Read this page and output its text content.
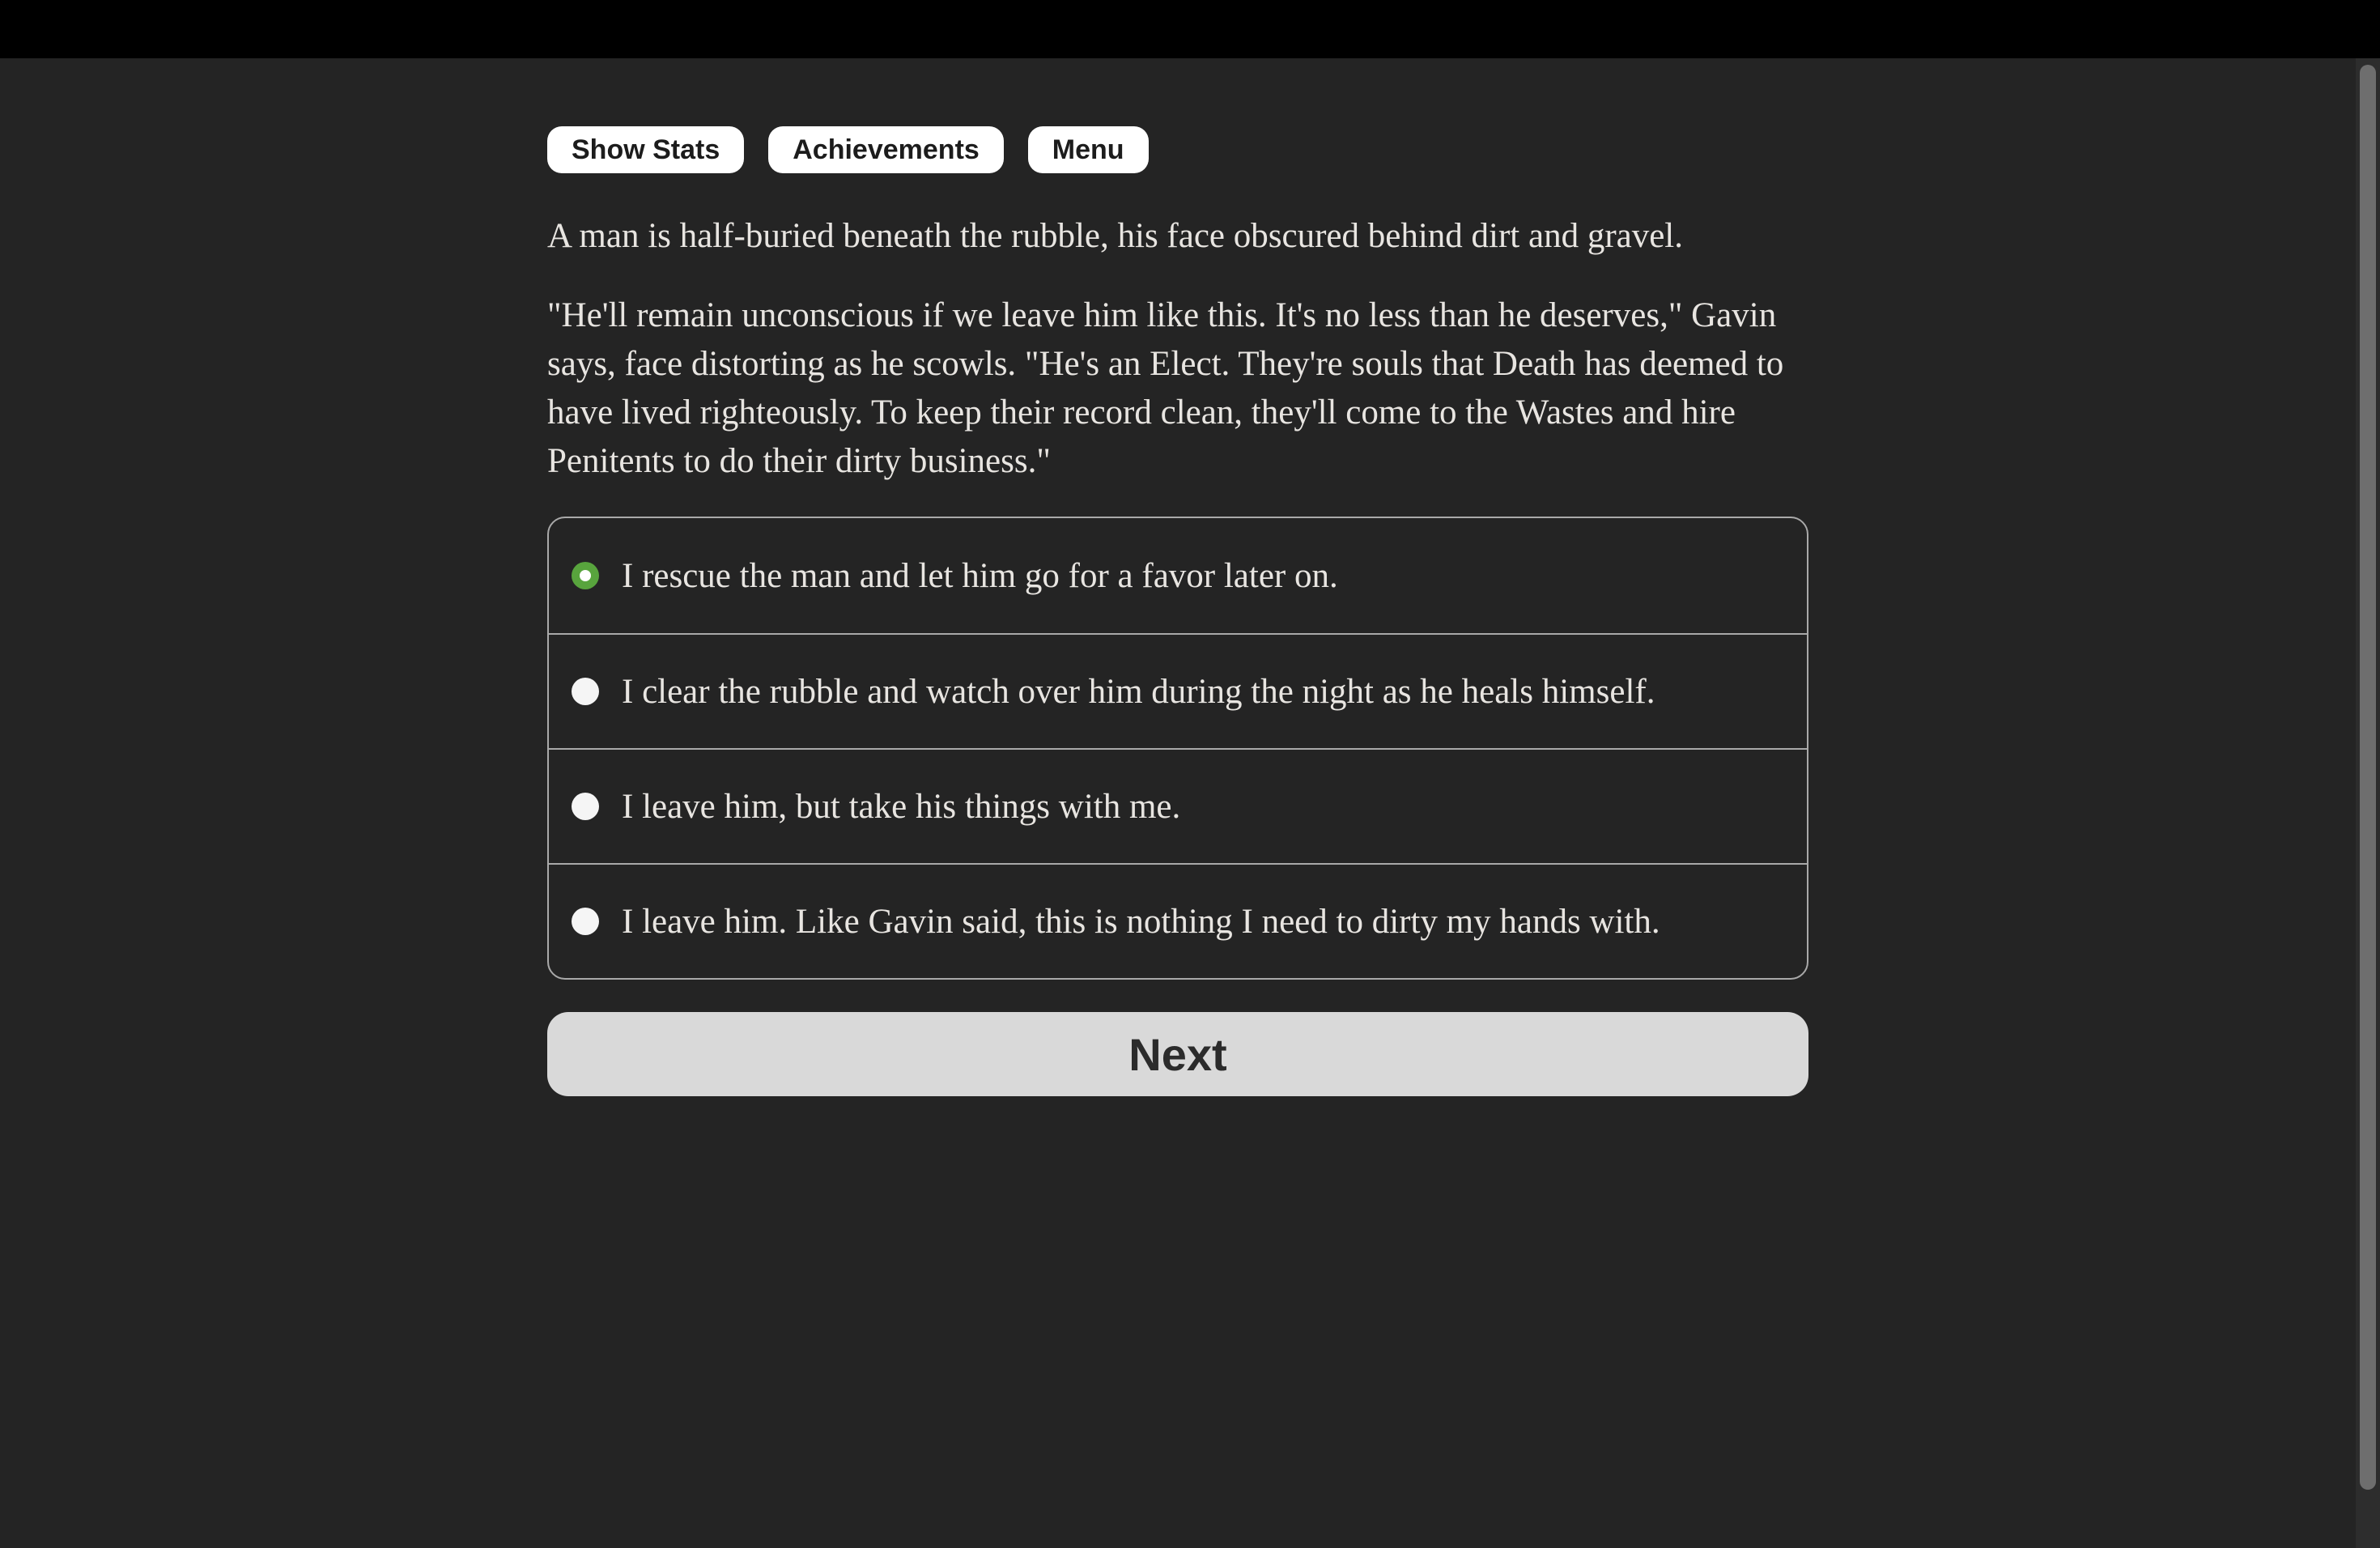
Show Stats	Achievements	Menu

A man is half-buried beneath the rubble, his face obscured behind dirt and gravel.

"He'll remain unconscious if we leave him like this. It's no less than he deserves," Gavin says, face distorting as he scowls. "He's an Elect. They're souls that Death has deemed to have lived righteously. To keep their record clean, they'll come to the Wastes and hire Penitents to do their dirty business."

I rescue the man and let him go for a favor later on.
I clear the rubble and watch over him during the night as he heals himself.
I leave him, but take his things with me.
I leave him. Like Gavin said, this is nothing I need to dirty my hands with.
Next
